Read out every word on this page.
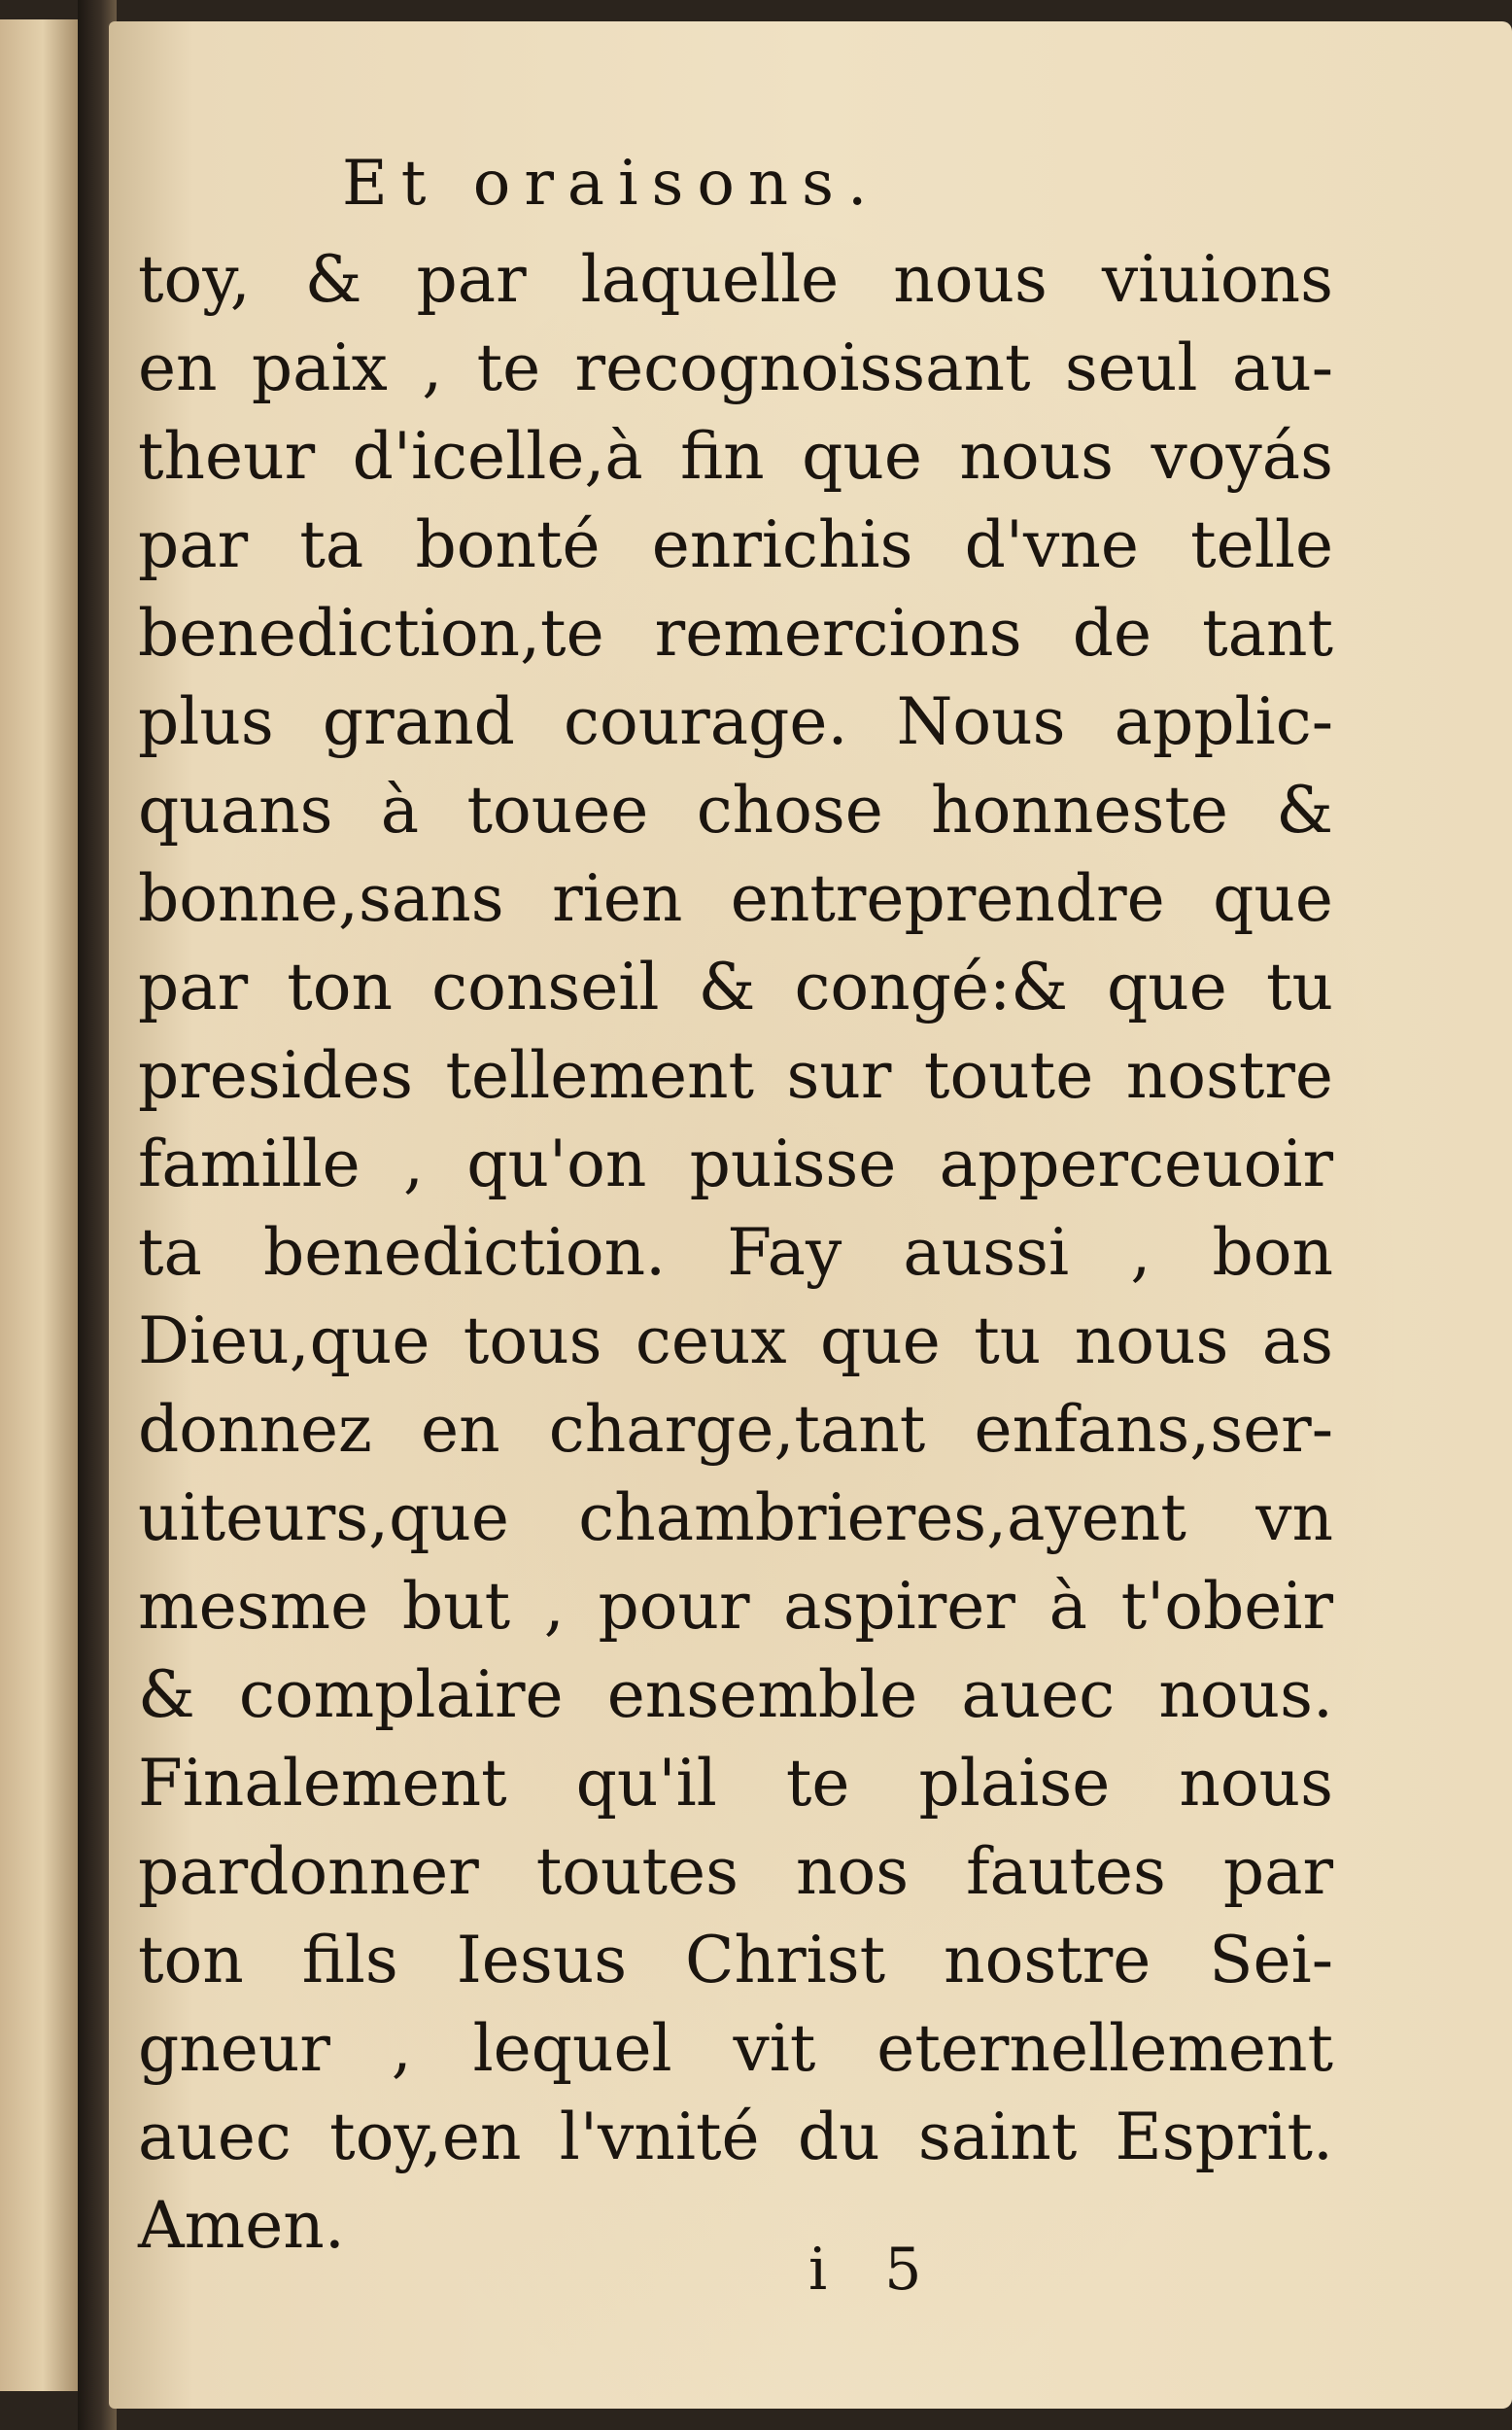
Et oraisons.
toy, & par laquelle nous viuions
en paix , te recognoissant seul au-
theur d'icelle,à fin que nous voyás
par ta bonté enrichis d'vne telle
benediction,te remercions de tant
plus grand courage. Nous applic-
quans à touee chose honneste &
bonne,sans rien entreprendre que
par ton conseil & congé:& que tu
presides tellement sur toute nostre
famille , qu'on puisse apperceuoir
ta benediction. Fay aussi , bon
Dieu,que tous ceux que tu nous as
donnez en charge,tant enfans,ser-
uiteurs,que chambrieres,ayent vn
mesme but , pour aspirer à t'obeir
& complaire ensemble auec nous.
Finalement qu'il te plaise nous
pardonner toutes nos fautes par
ton fils Iesus Christ nostre Sei-
gneur , lequel vit eternellement
auec toy,en l'vnité du saint Esprit.
Amen.
i 5
